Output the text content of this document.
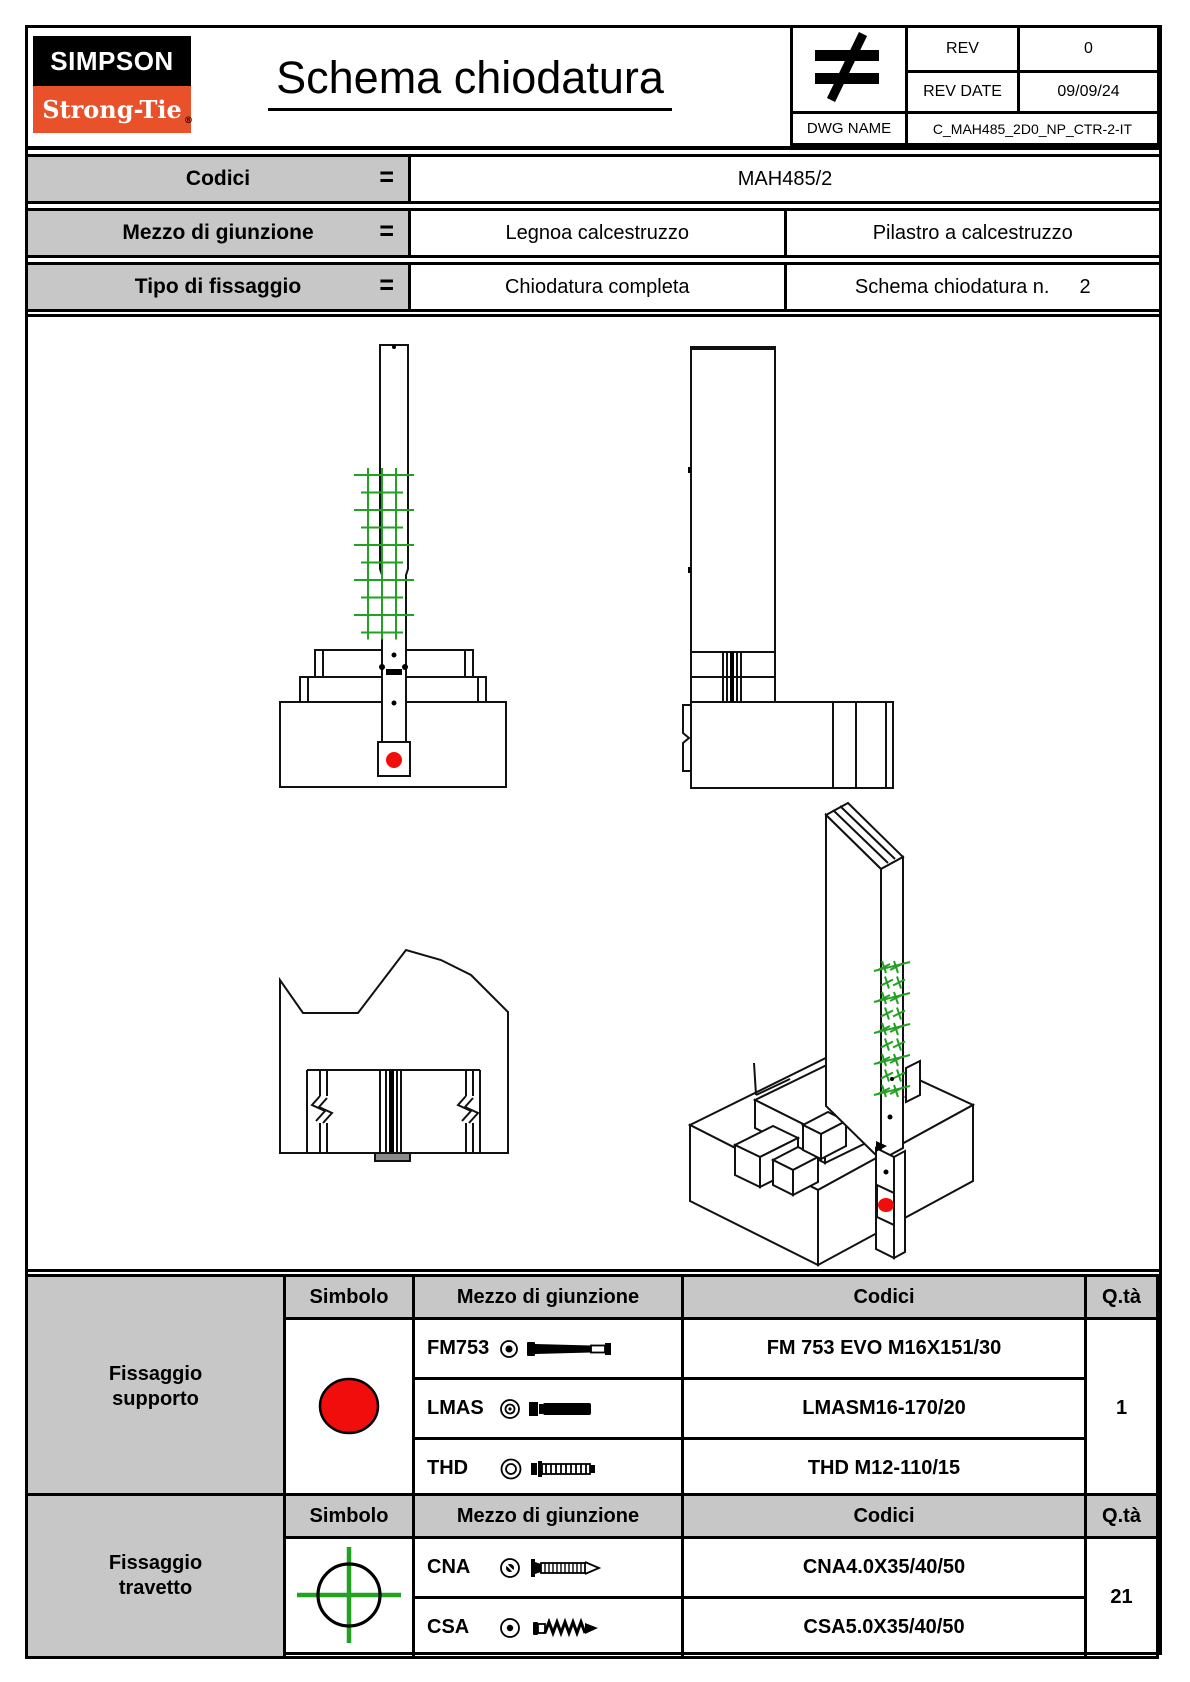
SIMPSON
Strong-Tie ®
Schema chiodatura
	REV	0
	REV DATE	09/09/24
DWG NAME	C_MAH485_2D0_NP_CTR-2-IT	
Codici	=	MAH485/2
Mezzo di giunzione	=	Legnoa calcestruzzo	Pilastro a calcestruzzo
Tipo di fissaggio	=	Chiodatura completa	Schema chiodatura n. 2
Fissaggio
supporto	Simbolo	Mezzo di giunzione	Codici	Q.tà

FM753	FM 753 EVO M16X151/30	1

		LMAS	LMASM16-170/20	

		THD	THD M12-110/15	
Fissaggio
travetto	Simbolo	Mezzo di giunzione	Codici	Q.tà

CNA	CNA4.0X35/40/50	21

		CSA	CSA5.0X35/40/50	
